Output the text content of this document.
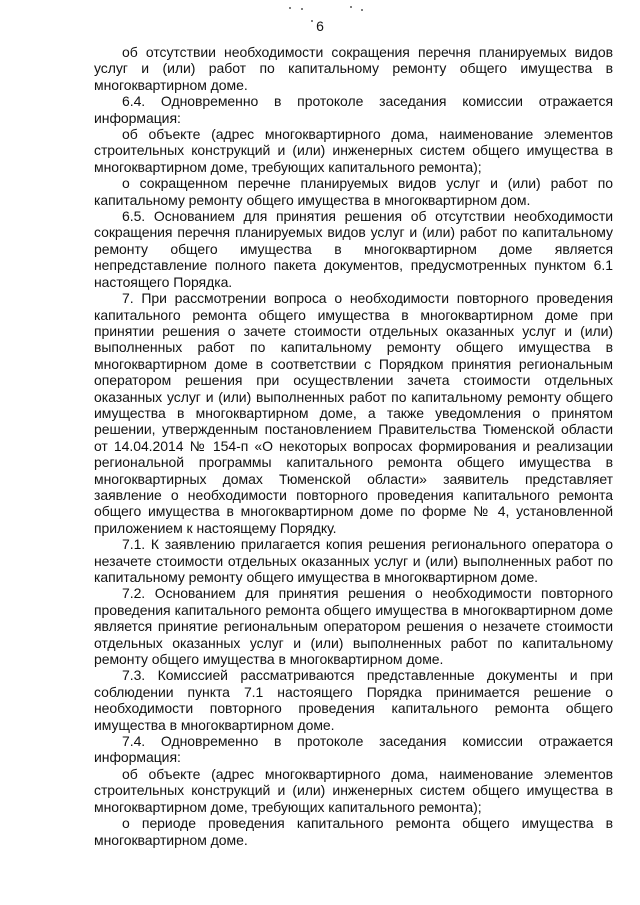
6

об отсутствии необходимости сокращения перечня планируемых видов услуг и (или) работ по капитальному ремонту общего имущества в многоквартирном доме.

6.4. Одновременно в протоколе заседания комиссии отражается информация:

об объекте (адрес многоквартирного дома, наименование элементов строительных конструкций и (или) инженерных систем общего имущества в многоквартирном доме, требующих капитального ремонта);

о сокращенном перечне планируемых видов услуг и (или) работ по капитальному ремонту общего имущества в многоквартирном дом.

6.5. Основанием для принятия решения об отсутствии необходимости сокращения перечня планируемых видов услуг и (или) работ по капитальному ремонту общего имущества в многоквартирном доме является непредставление полного пакета документов, предусмотренных пунктом 6.1 настоящего Порядка.

7. При рассмотрении вопроса о необходимости повторного проведения капитального ремонта общего имущества в многоквартирном доме при принятии решения о зачете стоимости отдельных оказанных услуг и (или) выполненных работ по капитальному ремонту общего имущества в многоквартирном доме в соответствии с Порядком принятия региональным оператором решения при осуществлении зачета стоимости отдельных оказанных услуг и (или) выполненных работ по капитальному ремонту общего имущества в многоквартирном доме, а также уведомления о принятом решении, утвержденным постановлением Правительства Тюменской области от 14.04.2014 № 154-п «О некоторых вопросах формирования и реализации региональной программы капитального ремонта общего имущества в многоквартирных домах Тюменской области» заявитель представляет заявление о необходимости повторного проведения капитального ремонта общего имущества в многоквартирном доме по форме № 4, установленной приложением к настоящему Порядку.

7.1. К заявлению прилагается копия решения регионального оператора о незачете стоимости отдельных оказанных услуг и (или) выполненных работ по капитальному ремонту общего имущества в многоквартирном доме.

7.2. Основанием для принятия решения о необходимости повторного проведения капитального ремонта общего имущества в многоквартирном доме является принятие региональным оператором решения о незачете стоимости отдельных оказанных услуг и (или) выполненных работ по капитальному ремонту общего имущества в многоквартирном доме.

7.3. Комиссией рассматриваются представленные документы и при соблюдении пункта 7.1 настоящего Порядка принимается решение о необходимости повторного проведения капитального ремонта общего имущества в многоквартирном доме.

7.4. Одновременно в протоколе заседания комиссии отражается информация:

об объекте (адрес многоквартирного дома, наименование элементов строительных конструкций и (или) инженерных систем общего имущества в многоквартирном доме, требующих капитального ремонта);

о периоде проведения капитального ремонта общего имущества в многоквартирном доме.
